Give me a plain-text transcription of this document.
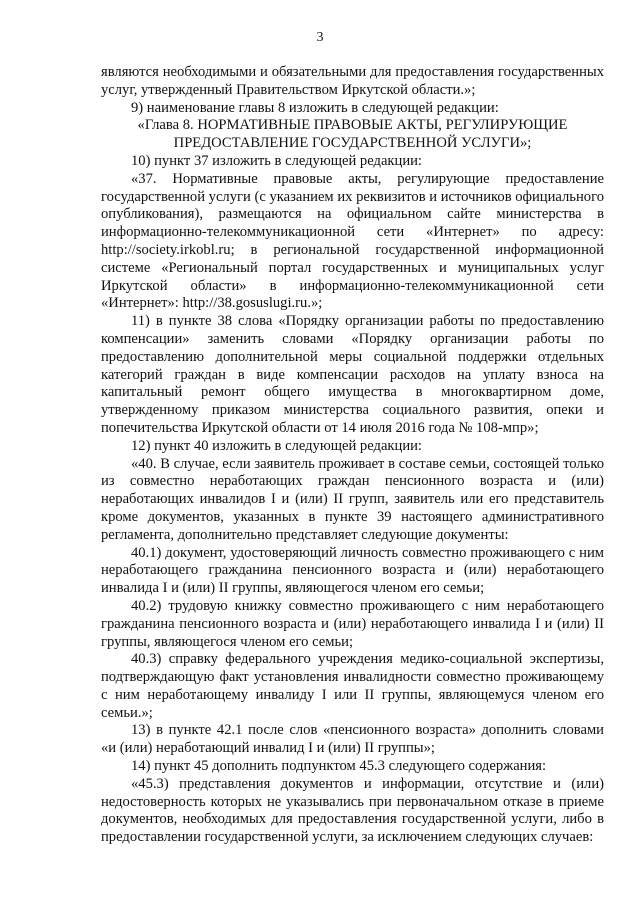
3

являются необходимыми и обязательными для предоставления государственных услуг, утвержденный Правительством Иркутской области.»;

9) наименование главы 8 изложить в следующей редакции:

«Глава 8. НОРМАТИВНЫЕ ПРАВОВЫЕ АКТЫ, РЕГУЛИРУЮЩИЕ ПРЕДОСТАВЛЕНИЕ ГОСУДАРСТВЕННОЙ УСЛУГИ»;

10) пункт 37 изложить в следующей редакции:

«37. Нормативные правовые акты, регулирующие предоставление государственной услуги (с указанием их реквизитов и источников официального опубликования), размещаются на официальном сайте министерства в информационно-телекоммуникационной сети «Интернет» по адресу: http://society.irkobl.ru; в региональной государственной информационной системе «Региональный портал государственных и муниципальных услуг Иркутской области» в информационно-телекоммуникационной сети «Интернет»: http://38.gosuslugi.ru.»;

11) в пункте 38 слова «Порядку организации работы по предоставлению компенсации» заменить словами «Порядку организации работы по предоставлению дополнительной меры социальной поддержки отдельных категорий граждан в виде компенсации расходов на уплату взноса на капитальный ремонт общего имущества в многоквартирном доме, утвержденному приказом министерства социального развития, опеки и попечительства Иркутской области от 14 июля 2016 года № 108-мпр»;

12) пункт 40 изложить в следующей редакции:

«40. В случае, если заявитель проживает в составе семьи, состоящей только из совместно неработающих граждан пенсионного возраста и (или) неработающих инвалидов I и (или) II групп, заявитель или его представитель кроме документов, указанных в пункте 39 настоящего административного регламента, дополнительно представляет следующие документы:

40.1) документ, удостоверяющий личность совместно проживающего с ним неработающего гражданина пенсионного возраста и (или) неработающего инвалида I и (или) II группы, являющегося членом его семьи;

40.2) трудовую книжку совместно проживающего с ним неработающего гражданина пенсионного возраста и (или) неработающего инвалида I и (или) II группы, являющегося членом его семьи;

40.3) справку федерального учреждения медико-социальной экспертизы, подтверждающую факт установления инвалидности совместно проживающему с ним неработающему инвалиду I или II группы, являющемуся членом его семьи.»;

13) в пункте 42.1 после слов «пенсионного возраста» дополнить словами «и (или) неработающий инвалид I и (или) II группы»;

14) пункт 45 дополнить подпунктом 45.3 следующего содержания:

«45.3) представления документов и информации, отсутствие и (или) недостоверность которых не указывались при первоначальном отказе в приеме документов, необходимых для предоставления государственной услуги, либо в предоставлении государственной услуги, за исключением следующих случаев:
